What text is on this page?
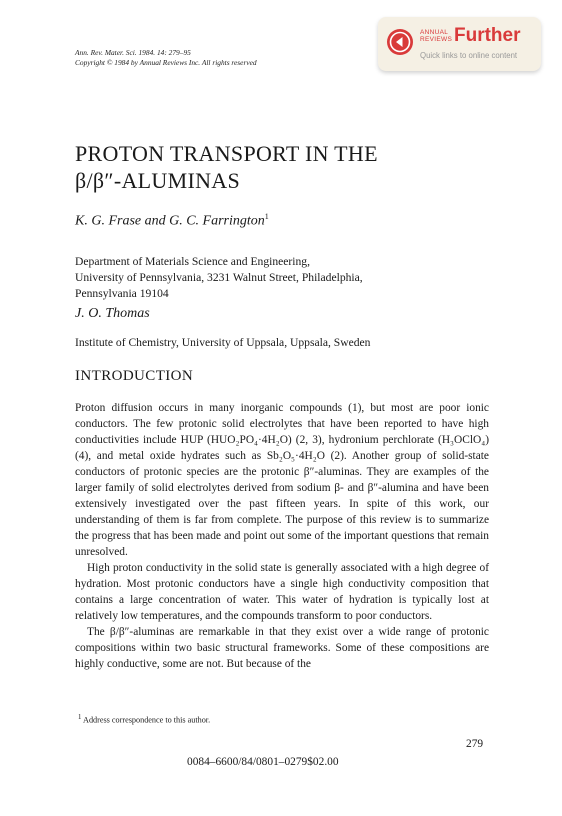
Ann. Rev. Mater. Sci. 1984. 14: 279–95
Copyright © 1984 by Annual Reviews Inc. All rights reserved
ANNUAL
REVIEWS Further
Quick links to online content
PROTON TRANSPORT IN THE
β/β″-ALUMINAS
K. G. Frase and G. C. Farrington$^1$
Department of Materials Science and Engineering,
University of Pennsylvania, 3231 Walnut Street, Philadelphia,
Pennsylvania 19104
J. O. Thomas
Institute of Chemistry, University of Uppsala, Uppsala, Sweden
INTRODUCTION

Proton diffusion occurs in many inorganic compounds (1), but most are poor ionic conductors. The few protonic solid electrolytes that have been reported to have high conductivities include HUP (HUO₂PO₄·4H₂O) (2, 3), hydronium perchlorate (H₃OClO₄) (4), and metal oxide hydrates such as Sb₂O₅·4H₂O (2). Another group of solid-state conductors of protonic species are the protonic β″-aluminas. They are examples of the larger family of solid electrolytes derived from sodium β- and β″-alumina and have been extensively investigated over the past fifteen years. In spite of this work, our understanding of them is far from complete. The purpose of this review is to summarize the progress that has been made and point out some of the important questions that remain unresolved.

High proton conductivity in the solid state is generally associated with a high degree of hydration. Most protonic conductors have a single high conductivity composition that contains a large concentration of water. This water of hydration is typically lost at relatively low temperatures, and the compounds transform to poor conductors.

The β/β″-aluminas are remarkable in that they exist over a wide range of protonic compositions within two basic structural frameworks. Some of these compositions are highly conductive, some are not. But because of the

$^1$ Address correspondence to this author.
279
0084–6600/84/0801–0279$02.00
